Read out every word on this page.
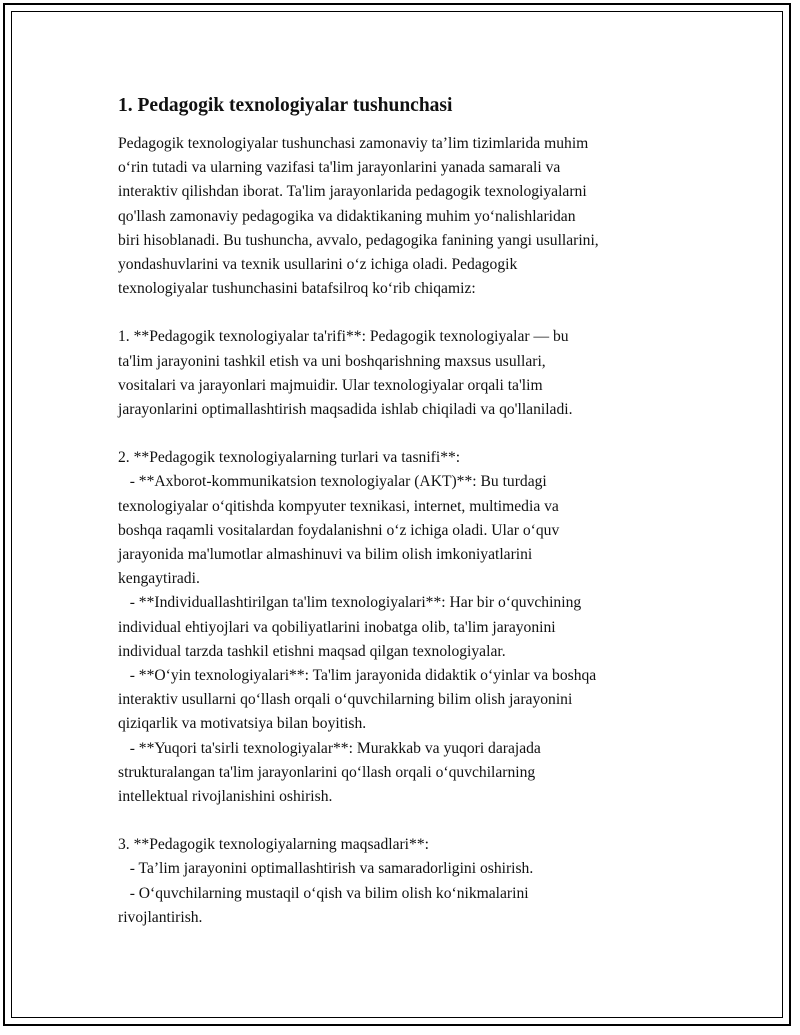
1. Pedagogik texnologiyalar tushunchasi
Pedagogik texnologiyalar tushunchasi zamonaviy ta’lim tizimlarida muhim
o‘rin tutadi va ularning vazifasi ta'lim jarayonlarini yanada samarali va
interaktiv qilishdan iborat. Ta'lim jarayonlarida pedagogik texnologiyalarni
qo'llash zamonaviy pedagogika va didaktikaning muhim yo‘nalishlaridan
biri hisoblanadi. Bu tushuncha, avvalo, pedagogika fanining yangi usullarini,
yondashuvlarini va texnik usullarini o‘z ichiga oladi. Pedagogik
texnologiyalar tushunchasini batafsilroq ko‘rib chiqamiz:
1. **Pedagogik texnologiyalar ta'rifi**: Pedagogik texnologiyalar — bu
ta'lim jarayonini tashkil etish va uni boshqarishning maxsus usullari,
vositalari va jarayonlari majmuidir. Ular texnologiyalar orqali ta'lim
jarayonlarini optimallashtirish maqsadida ishlab chiqiladi va qo'llaniladi.
2. **Pedagogik texnologiyalarning turlari va tasnifi**:
- **Axborot-kommunikatsion texnologiyalar (AKT)**: Bu turdagi
texnologiyalar o‘qitishda kompyuter texnikasi, internet, multimedia va
boshqa raqamli vositalardan foydalanishni o‘z ichiga oladi. Ular o‘quv
jarayonida ma'lumotlar almashinuvi va bilim olish imkoniyatlarini
kengaytiradi.
- **Individuallashtirilgan ta'lim texnologiyalari**: Har bir o‘quvchining
individual ehtiyojlari va qobiliyatlarini inobatga olib, ta'lim jarayonini
individual tarzda tashkil etishni maqsad qilgan texnologiyalar.
- **O‘yin texnologiyalari**: Ta'lim jarayonida didaktik o‘yinlar va boshqa
interaktiv usullarni qo‘llash orqali o‘quvchilarning bilim olish jarayonini
qiziqarlik va motivatsiya bilan boyitish.
- **Yuqori ta'sirli texnologiyalar**: Murakkab va yuqori darajada
strukturalangan ta'lim jarayonlarini qo‘llash orqali o‘quvchilarning
intellektual rivojlanishini oshirish.
3. **Pedagogik texnologiyalarning maqsadlari**:
- Ta’lim jarayonini optimallashtirish va samaradorligini oshirish.
- O‘quvchilarning mustaqil o‘qish va bilim olish ko‘nikmalarini
rivojlantirish.
